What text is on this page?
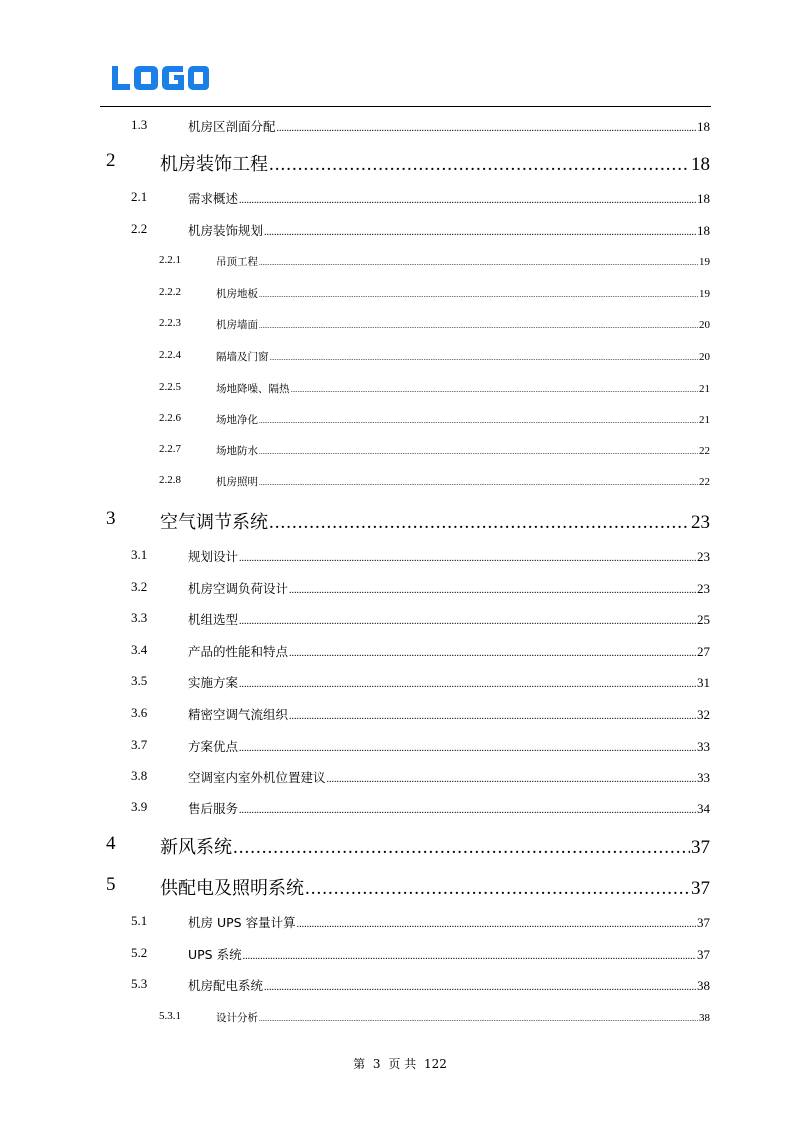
LOGO
1.3	机房区剖面分配 .....	18
2 机房装饰工程 .....	18
2.1	需求概述 .....	18
2.2	机房装饰规划 .....	18
2.2.1	吊顶工程 .....	19
2.2.2	机房地板 .....	19
2.2.3	机房墙面 .....	20
2.2.4	隔墙及门窗 .....	20
2.2.5	场地降噪、隔热 .....	21
2.2.6	场地净化 .....	21
2.2.7	场地防水 .....	22
2.2.8	机房照明 .....	22
3 空气调节系统 .....	23
3.1	规划设计 .....	23
3.2	机房空调负荷设计 .....	23
3.3	机组选型 .....	25
3.4	产品的性能和特点 .....	27
3.5	实施方案 .....	31
3.6	精密空调气流组织 .....	32
3.7	方案优点 .....	33
3.8	空调室内室外机位置建议 .....	33
3.9	售后服务 .....	34
4 新风系统 .....	37
5 供配电及照明系统 .....	37
5.1	机房 UPS 容量计算 .....	37
5.2	UPS 系统 .....	37
5.3	机房配电系统 .....	38
5.3.1	设计分析 .....	38
第 3 页 共 122
